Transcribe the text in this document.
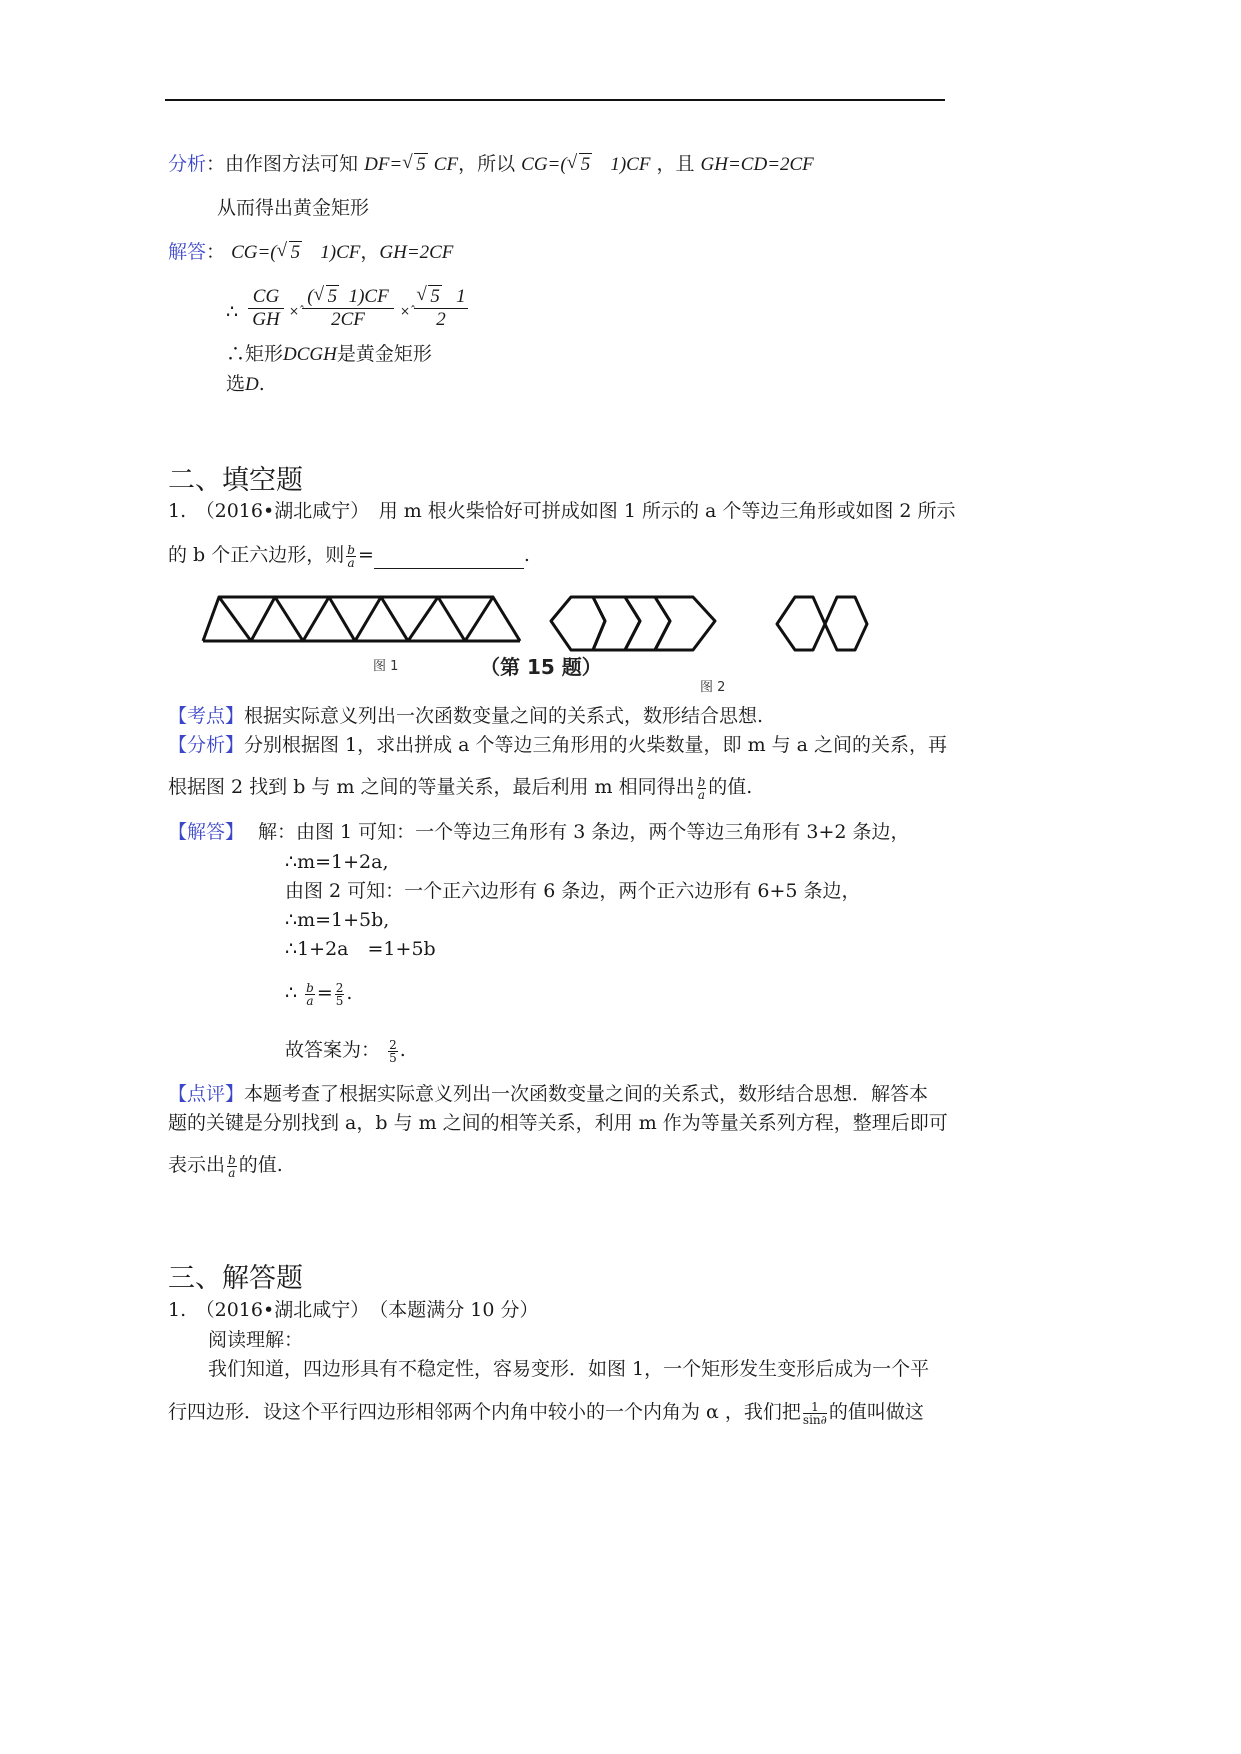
分析：由作图方法可知 DF= √ 5 CF，所以 CG=( √ 5 1)CF ，且 GH=CD=2CF
从而得出黄金矩形
解答： CG=( √ 5 1)CF，GH=2CF
∴
CG
GH ×ˆ
( √ 5 1)CF
2CF	×ˆ
√ 5 1
2
∴矩形DCGH是黄金矩形
选D.
二、填空题
1.　（2016•湖北咸宁）　用 m 根火柴恰好可拼成如图 1 所示的 a 个等边三角形或如图 2 所示
的 b 个正六边形，则 $\frac{b}{a}$ =	.
图 1	（第 15 题）
图 2
【考点】根据实际意义列出一次函数变量之间的关系式，数形结合思想.
【分析】分别根据图 1，求出拼成 a 个等边三角形用的火柴数量，即 m 与 a 之间的关系，再
根据图 2 找到 b 与 m 之间的等量关系，最后利用 m 相同得出 $\frac{b}{a}$ 的值.
【解答】 解：由图 1 可知：一个等边三角形有 3 条边，两个等边三角形有 3+2 条边，
∴m=1+2a,
由图 2 可知：一个正六边形有 6 条边，两个正六边形有 6+5 条边，
∴m=1+5b,
∴1+2a　=1+5b
∴ $\frac{b}{a} = \frac{2}{5}$ .
故答案为： $\frac{2}{5}$ .
【点评】本题考查了根据实际意义列出一次函数变量之间的关系式，数形结合思想．解答本
题的关键是分别找到 a，b 与 m 之间的相等关系，利用 m 作为等量关系列方程，整理后即可
表示出 $\frac{b}{a}$ 的值.
三、解答题
1.　（2016•湖北咸宁）　（本题满分 10 分）
阅读理解：
我们知道，四边形具有不稳定性，容易变形．如图 1，一个矩形发生变形后成为一个平
行四边形．设这个平行四边形相邻两个内角中较小的一个内角为 α ，我们把 $\frac{1}{\sin\partial}$ 的值叫做这
